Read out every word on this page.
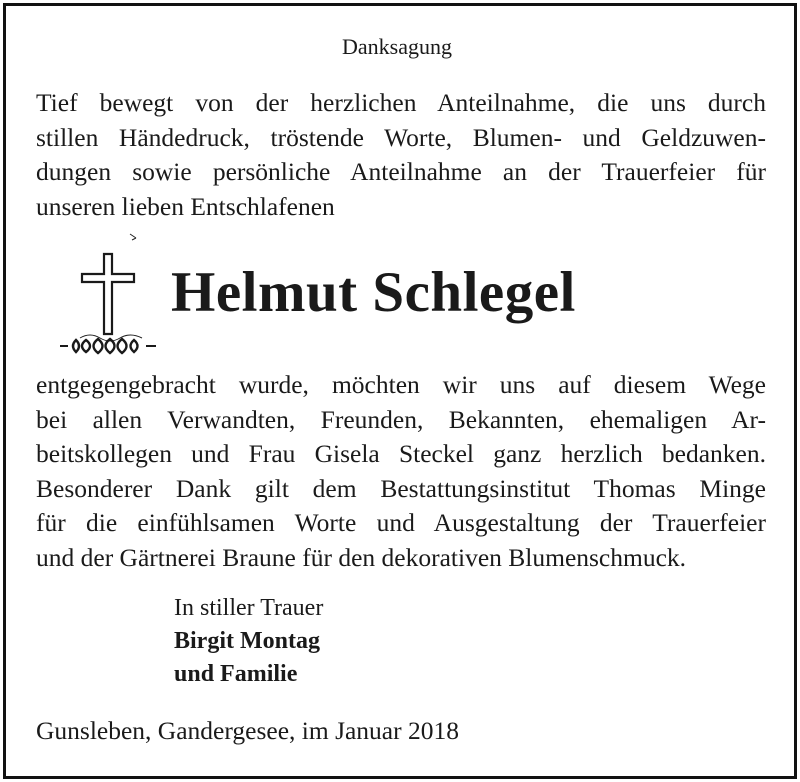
Danksagung
Tief bewegt von der herzlichen Anteilnahme, die uns durch
stillen Händedruck, tröstende Worte, Blumen- und Geldzuwen-
dungen sowie persönliche Anteilnahme an der Trauerfeier für
unseren lieben Entschlafenen
Helmut Schlegel
entgegengebracht wurde, möchten wir uns auf diesem Wege
bei allen Verwandten, Freunden, Bekannten, ehemaligen Ar-
beitskollegen und Frau Gisela Steckel ganz herzlich bedanken.
Besonderer Dank gilt dem Bestattungsinstitut Thomas Minge
für die einfühlsamen Worte und Ausgestaltung der Trauerfeier
und der Gärtnerei Braune für den dekorativen Blumenschmuck.
In stiller Trauer
Birgit Montag
und Familie
Gunsleben, Gandergesee, im Januar 2018
